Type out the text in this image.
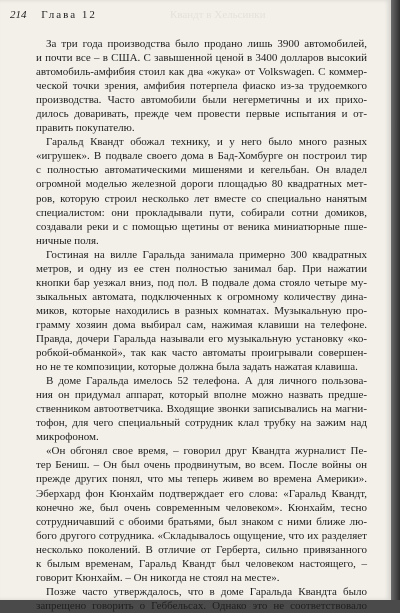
214 Глава 12	Квандт в Хельсинки

За три года производства было продано лишь 3900 автомобилей,
и почти все – в США. С завышенной ценой в 3400 долларов высокий
автомобиль-амфибия стоил как два «жука» от Volkswagen. С коммер-
ческой точки зрения, амфибия потерпела фиаско из-за трудоемкого
производства. Часто автомобили были негерметичны и их прихо-
дилось доваривать, прежде чем провести первые испытания и от-
править покупателю.

Гаральд Квандт обожал технику, и у него было много разных
«игрушек». В подвале своего дома в Бад-Хомбурге он построил тир
с полностью автоматическими мишенями и кегельбан. Он владел
огромной моделью железной дороги площадью 80 квадратных мет-
ров, которую строил несколько лет вместе со специально нанятым
специалистом: они прокладывали пути, собирали сотни домиков,
создавали реки и с помощью щетины от веника миниатюрные пше-
ничные поля.

Гостиная на вилле Гаральда занимала примерно 300 квадратных
метров, и одну из ее стен полностью занимал бар. При нажатии
кнопки бар уезжал вниз, под пол. В подвале дома стояло четыре му-
зыкальных автомата, подключенных к огромному количеству дина-
миков, которые находились в разных комнатах. Музыкальную про-
грамму хозяин дома выбирал сам, нажимая клавиши на телефоне.
Правда, дочери Гаральда называли его музыкальную установку «ко-
робкой-обманкой», так как часто автоматы проигрывали совершен-
но не те композиции, которые должна была задать нажатая клавиша.

В доме Гаральда имелось 52 телефона. А для личного пользова-
ния он придумал аппарат, который вполне можно назвать предше-
ственником автоответчика. Входящие звонки записывались на магни-
тофон, для чего специальный сотрудник клал трубку на зажим над
микрофоном.

«Он обгонял свое время, – говорил друг Квандта журналист Пе-
тер Бениш. – Он был очень продвинутым, во всем. После войны он
прежде других понял, что мы теперь живем во времена Америки».
Эберхард фон Кюнхайм подтверждает его слова: «Гаральд Квандт,
конечно же, был очень современным человеком». Кюнхайм, тесно
сотрудничавший с обоими братьями, был знаком с ними ближе лю-
бого другого сотрудника. «Складывалось ощущение, что их разделяет
несколько поколений. В отличие от Герберта, сильно привязанного
к былым временам, Гаральд Квандт был человеком настоящего, –
говорит Кюнхайм. – Он никогда не стоял на месте».

Позже часто утверждалось, что в доме Гаральда Квандта было
запрещено говорить о Геббельсах. Однако это не соответствовало
